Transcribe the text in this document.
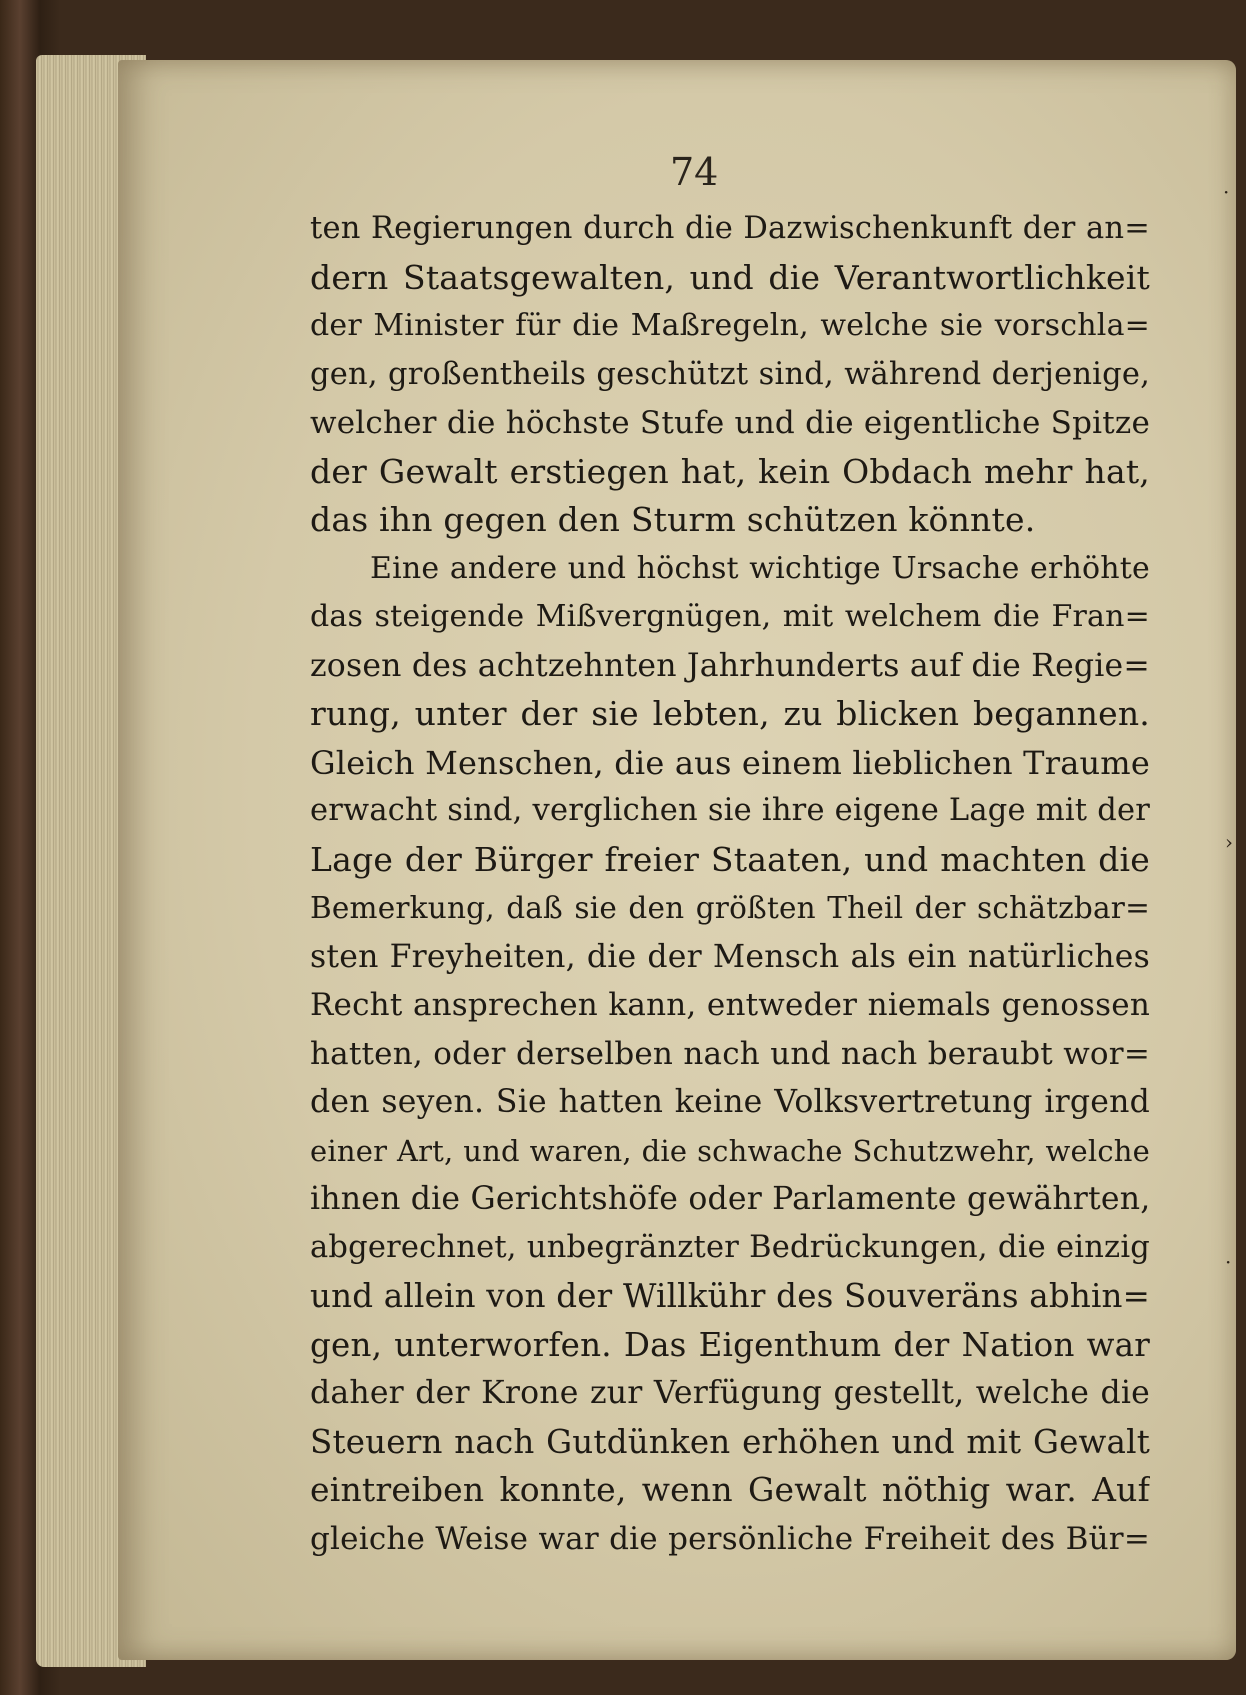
74
ten Regierungen durch die Dazwischenkunft der an=
dern Staatsgewalten, und die Verantwortlichkeit
der Minister für die Maßregeln, welche sie vorschla=
gen, großentheils geschützt sind, während derjenige,
welcher die höchste Stufe und die eigentliche Spitze
der Gewalt erstiegen hat, kein Obdach mehr hat,
das ihn gegen den Sturm schützen könnte.
Eine andere und höchst wichtige Ursache erhöhte
das steigende Mißvergnügen, mit welchem die Fran=
zosen des achtzehnten Jahrhunderts auf die Regie=
rung, unter der sie lebten, zu blicken begannen.
Gleich Menschen, die aus einem lieblichen Traume
erwacht sind, verglichen sie ihre eigene Lage mit der
Lage der Bürger freier Staaten, und machten die
Bemerkung, daß sie den größten Theil der schätzbar=
sten Freyheiten, die der Mensch als ein natürliches
Recht ansprechen kann, entweder niemals genossen
hatten, oder derselben nach und nach beraubt wor=
den seyen. Sie hatten keine Volksvertretung irgend
einer Art, und waren, die schwache Schutzwehr, welche
ihnen die Gerichtshöfe oder Parlamente gewährten,
abgerechnet, unbegränzter Bedrückungen, die einzig
und allein von der Willkühr des Souveräns abhin=
gen, unterworfen. Das Eigenthum der Nation war
daher der Krone zur Verfügung gestellt, welche die
Steuern nach Gutdünken erhöhen und mit Gewalt
eintreiben konnte, wenn Gewalt nöthig war. Auf
gleiche Weise war die persönliche Freiheit des Bür=
·
›
·
